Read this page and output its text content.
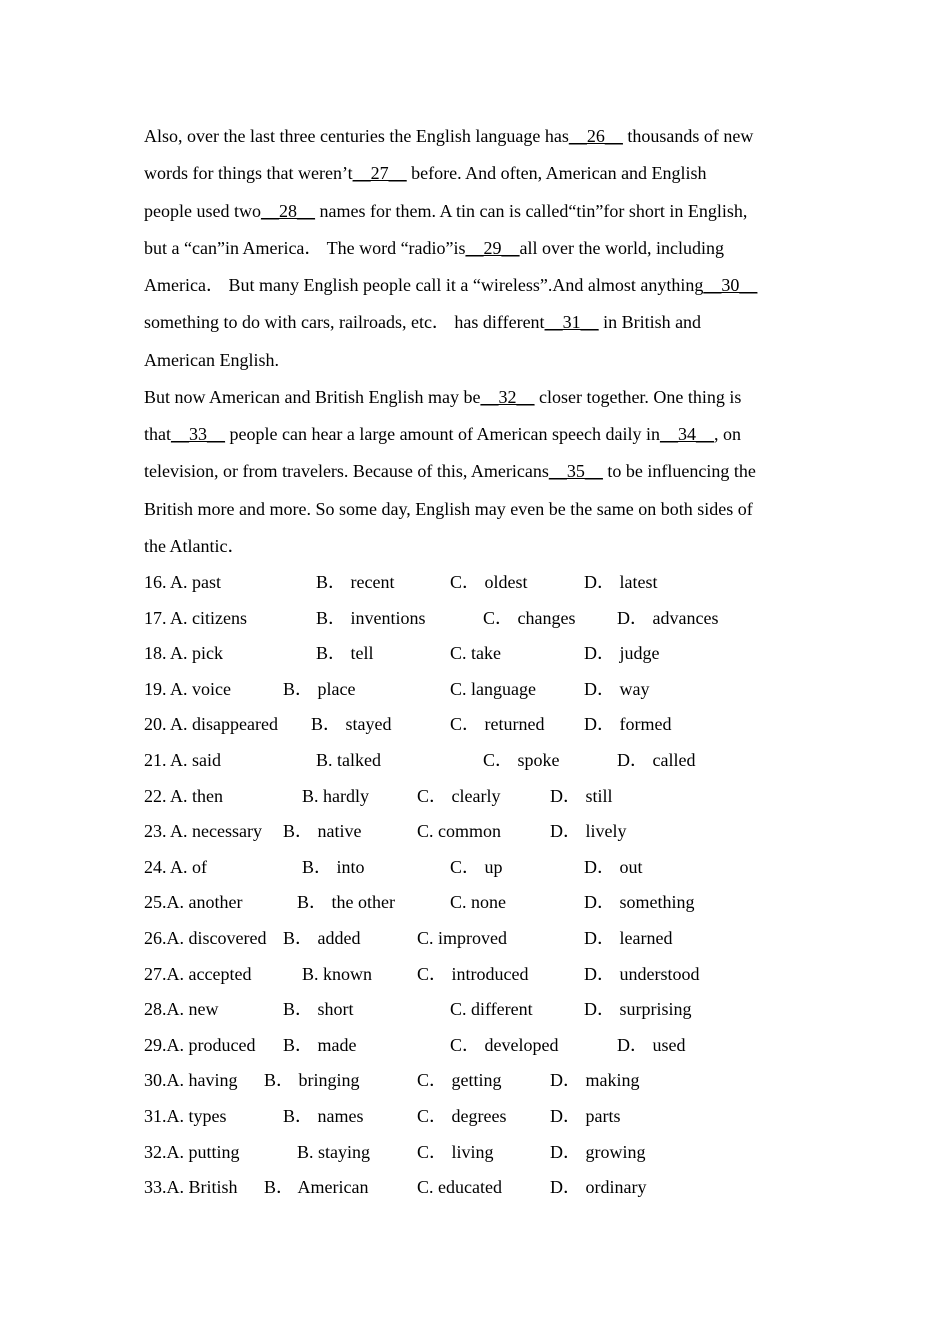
Also, over the last three centuries the English language has__26__ thousands of new
words for things that weren’t__27__ before. And often, American and English
people used two__28__ names for them. A tin can is called“tin”for short in English,
but a “can”in America． The word “radio”is__29__all over the world, including
America． But many English people call it a “wireless”.And almost anything__30__
something to do with cars, railroads, etc． has different__31__ in British and
American English.

But now American and British English may be__32__ closer together. One thing is
that__33__ people can hear a large amount of American speech daily in__34__, on
television, or from travelers. Because of this, Americans__35__ to be influencing the
British more and more. So some day, English may even be the same on both sides of
the Atlantic．

16. A. past	B． recent	C． oldest	D． latest
17. A. citizens	B． inventions	C． changes D． advances
18. A. pick	B． tell	C. take	D． judge
19. A. voice	B． place	C. language	D． way
20. A. disappeared B． stayed	C． returned D． formed
21. A. said	B. talked	C． spoke	D． called
22. A. then	B. hardly	C． clearly	D． still
23. A. necessary B． native	C. common	D． lively
24. A. of	B． into	C． up	D． out
25.A. another	B． the other	C. none	D． something
26.A. discovered B． added	C. improved	D． learned
27.A. accepted	B. known C． introduced	D． understood
28.A. new	B． short	C. different	D． surprising
29.A. produced B． made	C． developed	D． used
30.A. having B． bringing	C． getting	D． making
31.A. types	B． names	C． degrees D． parts
32.A. putting	B. staying	C． living	D． growing
33.A. British B． American	C. educated	D． ordinary
